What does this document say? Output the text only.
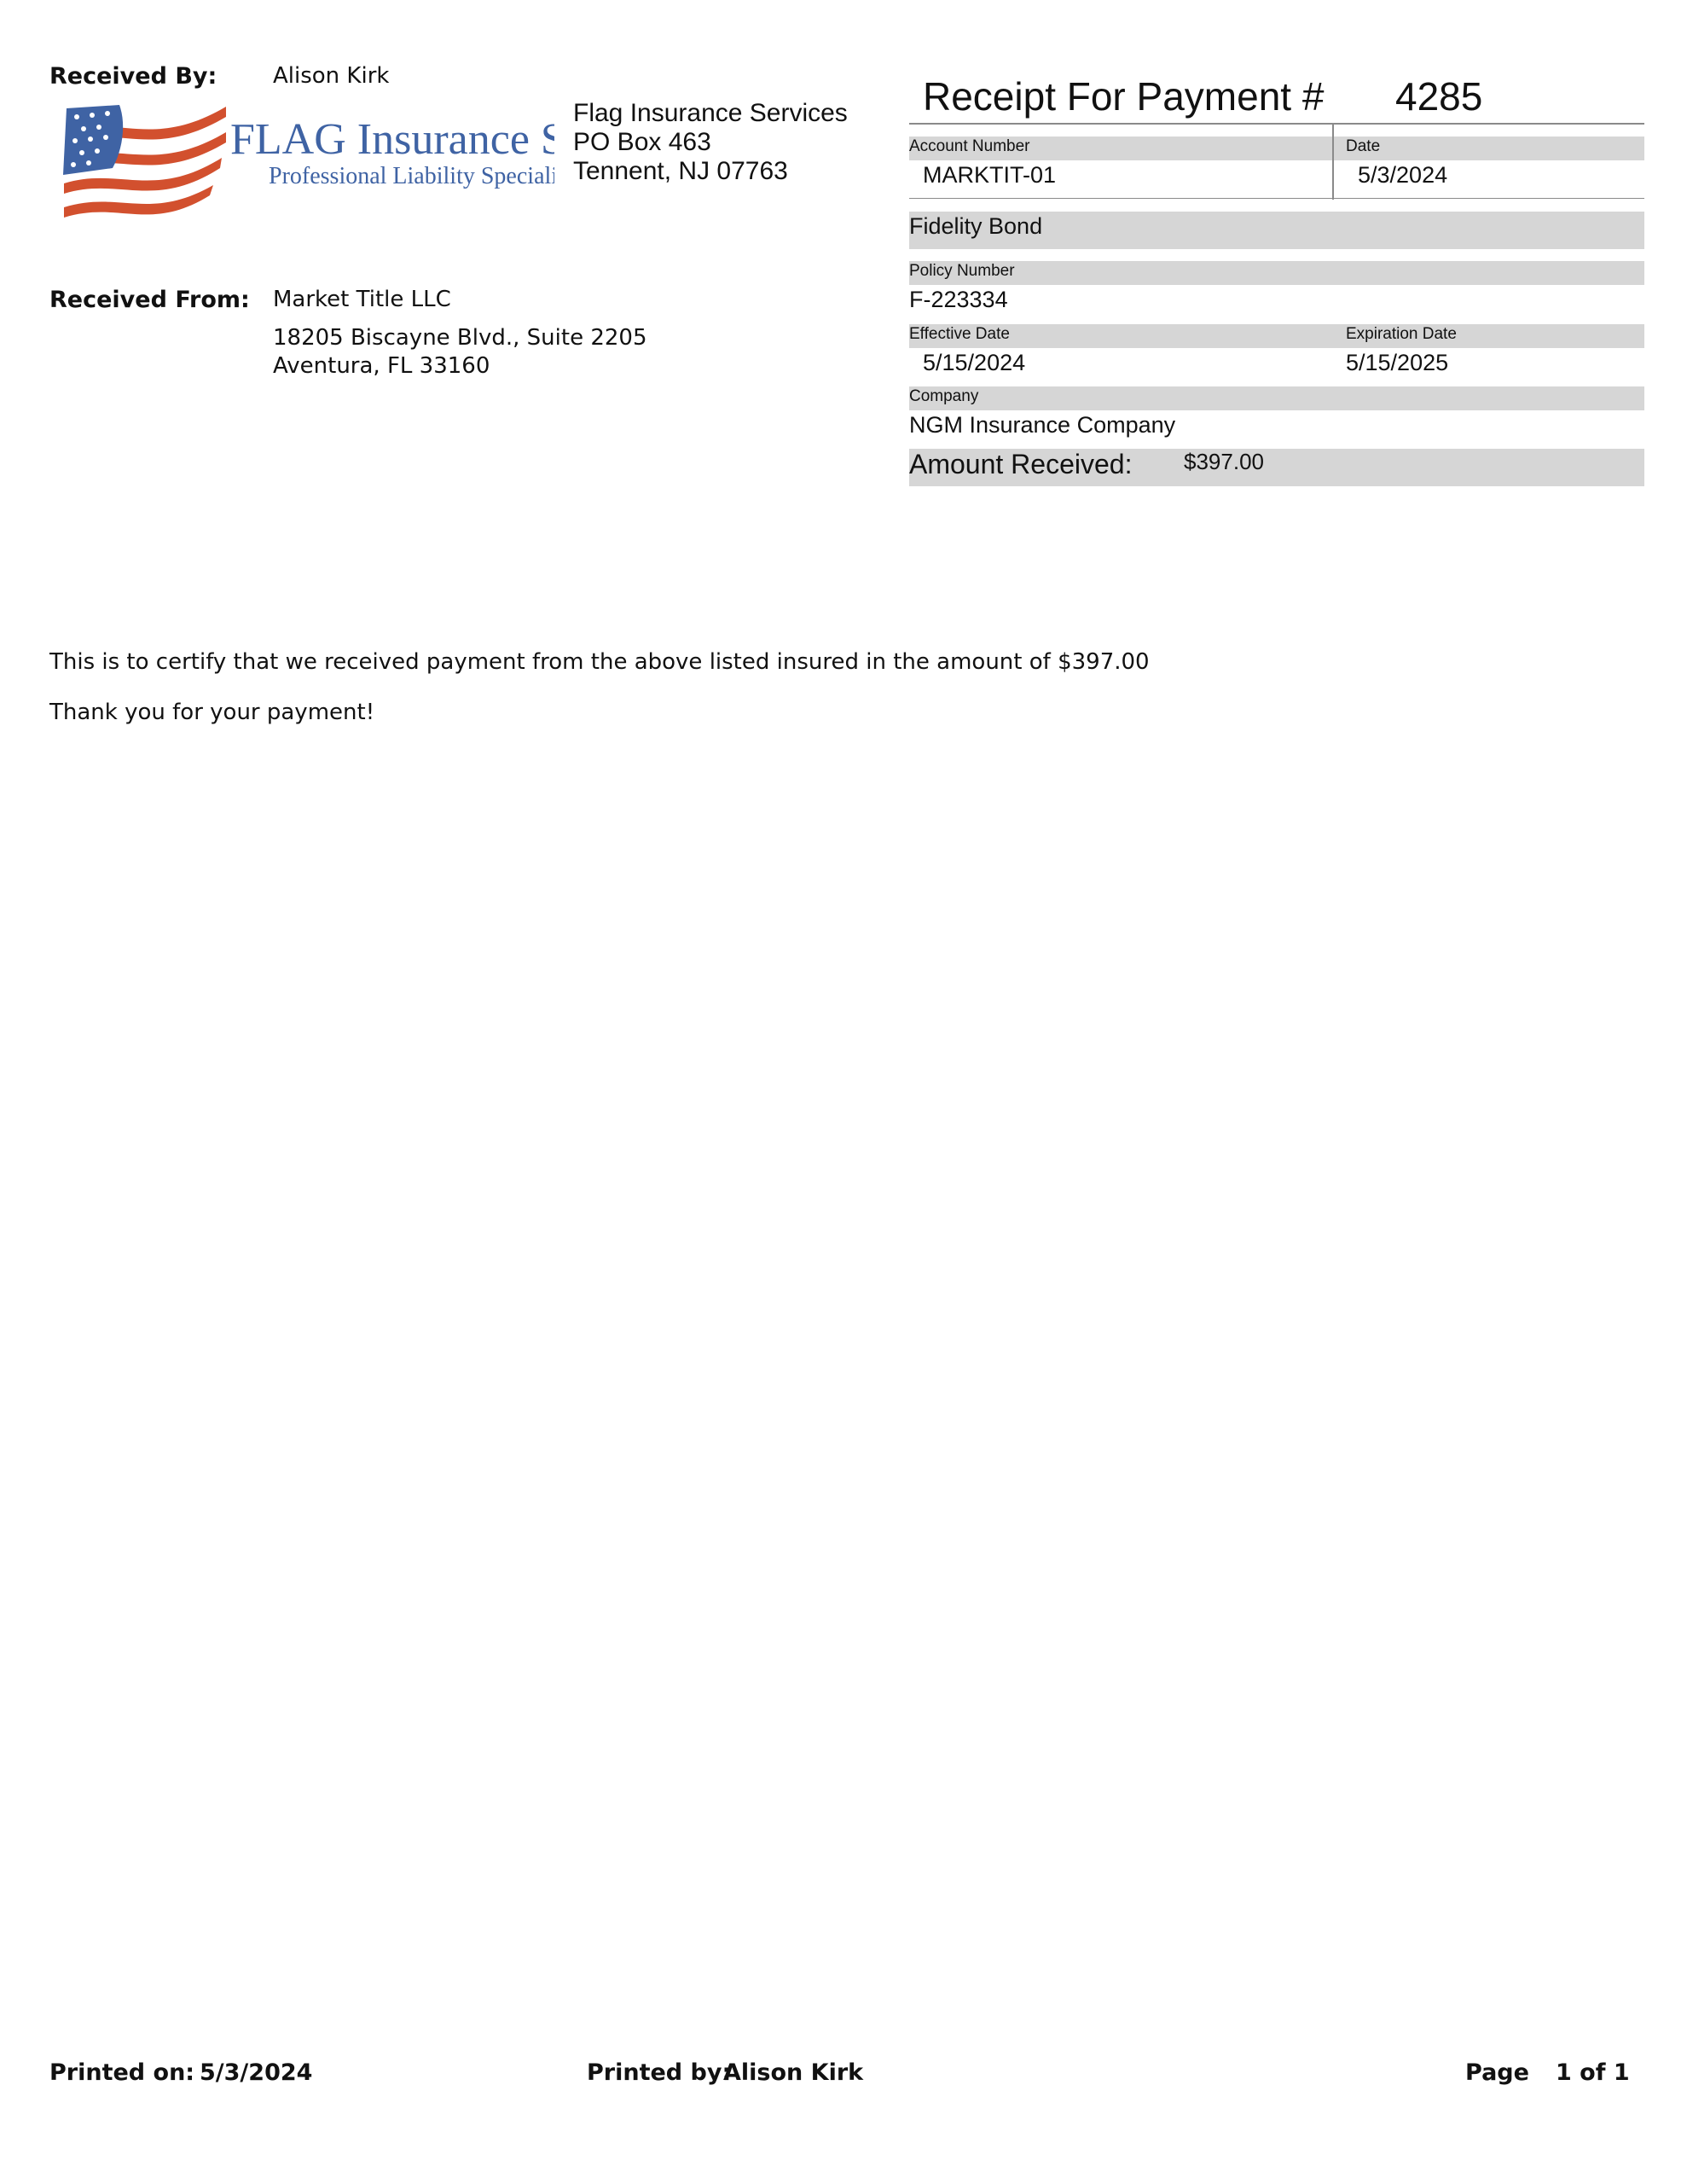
Received By:	Alison Kirk
FLAG Insurance S
Professional Liability Specialists
Flag Insurance Services
PO Box 463
Tennent, NJ 07763
Received From: Market Title LLC
18205 Biscayne Blvd., Suite 2205
Aventura, FL 33160
Receipt For Payment # 4285
Account Number	Date
MARKTIT-01	5/3/2024
Fidelity Bond
Policy Number
F-223334
Effective Date	Expiration Date
5/15/2024	5/15/2025
Company
NGM Insurance Company
Amount Received: $397.00
This is to certify that we received payment from the above listed insured in the amount of $397.00
Thank you for your payment!
Printed on: 5/3/2024	Printed by:
Alison Kirk	Page 1 of 1
